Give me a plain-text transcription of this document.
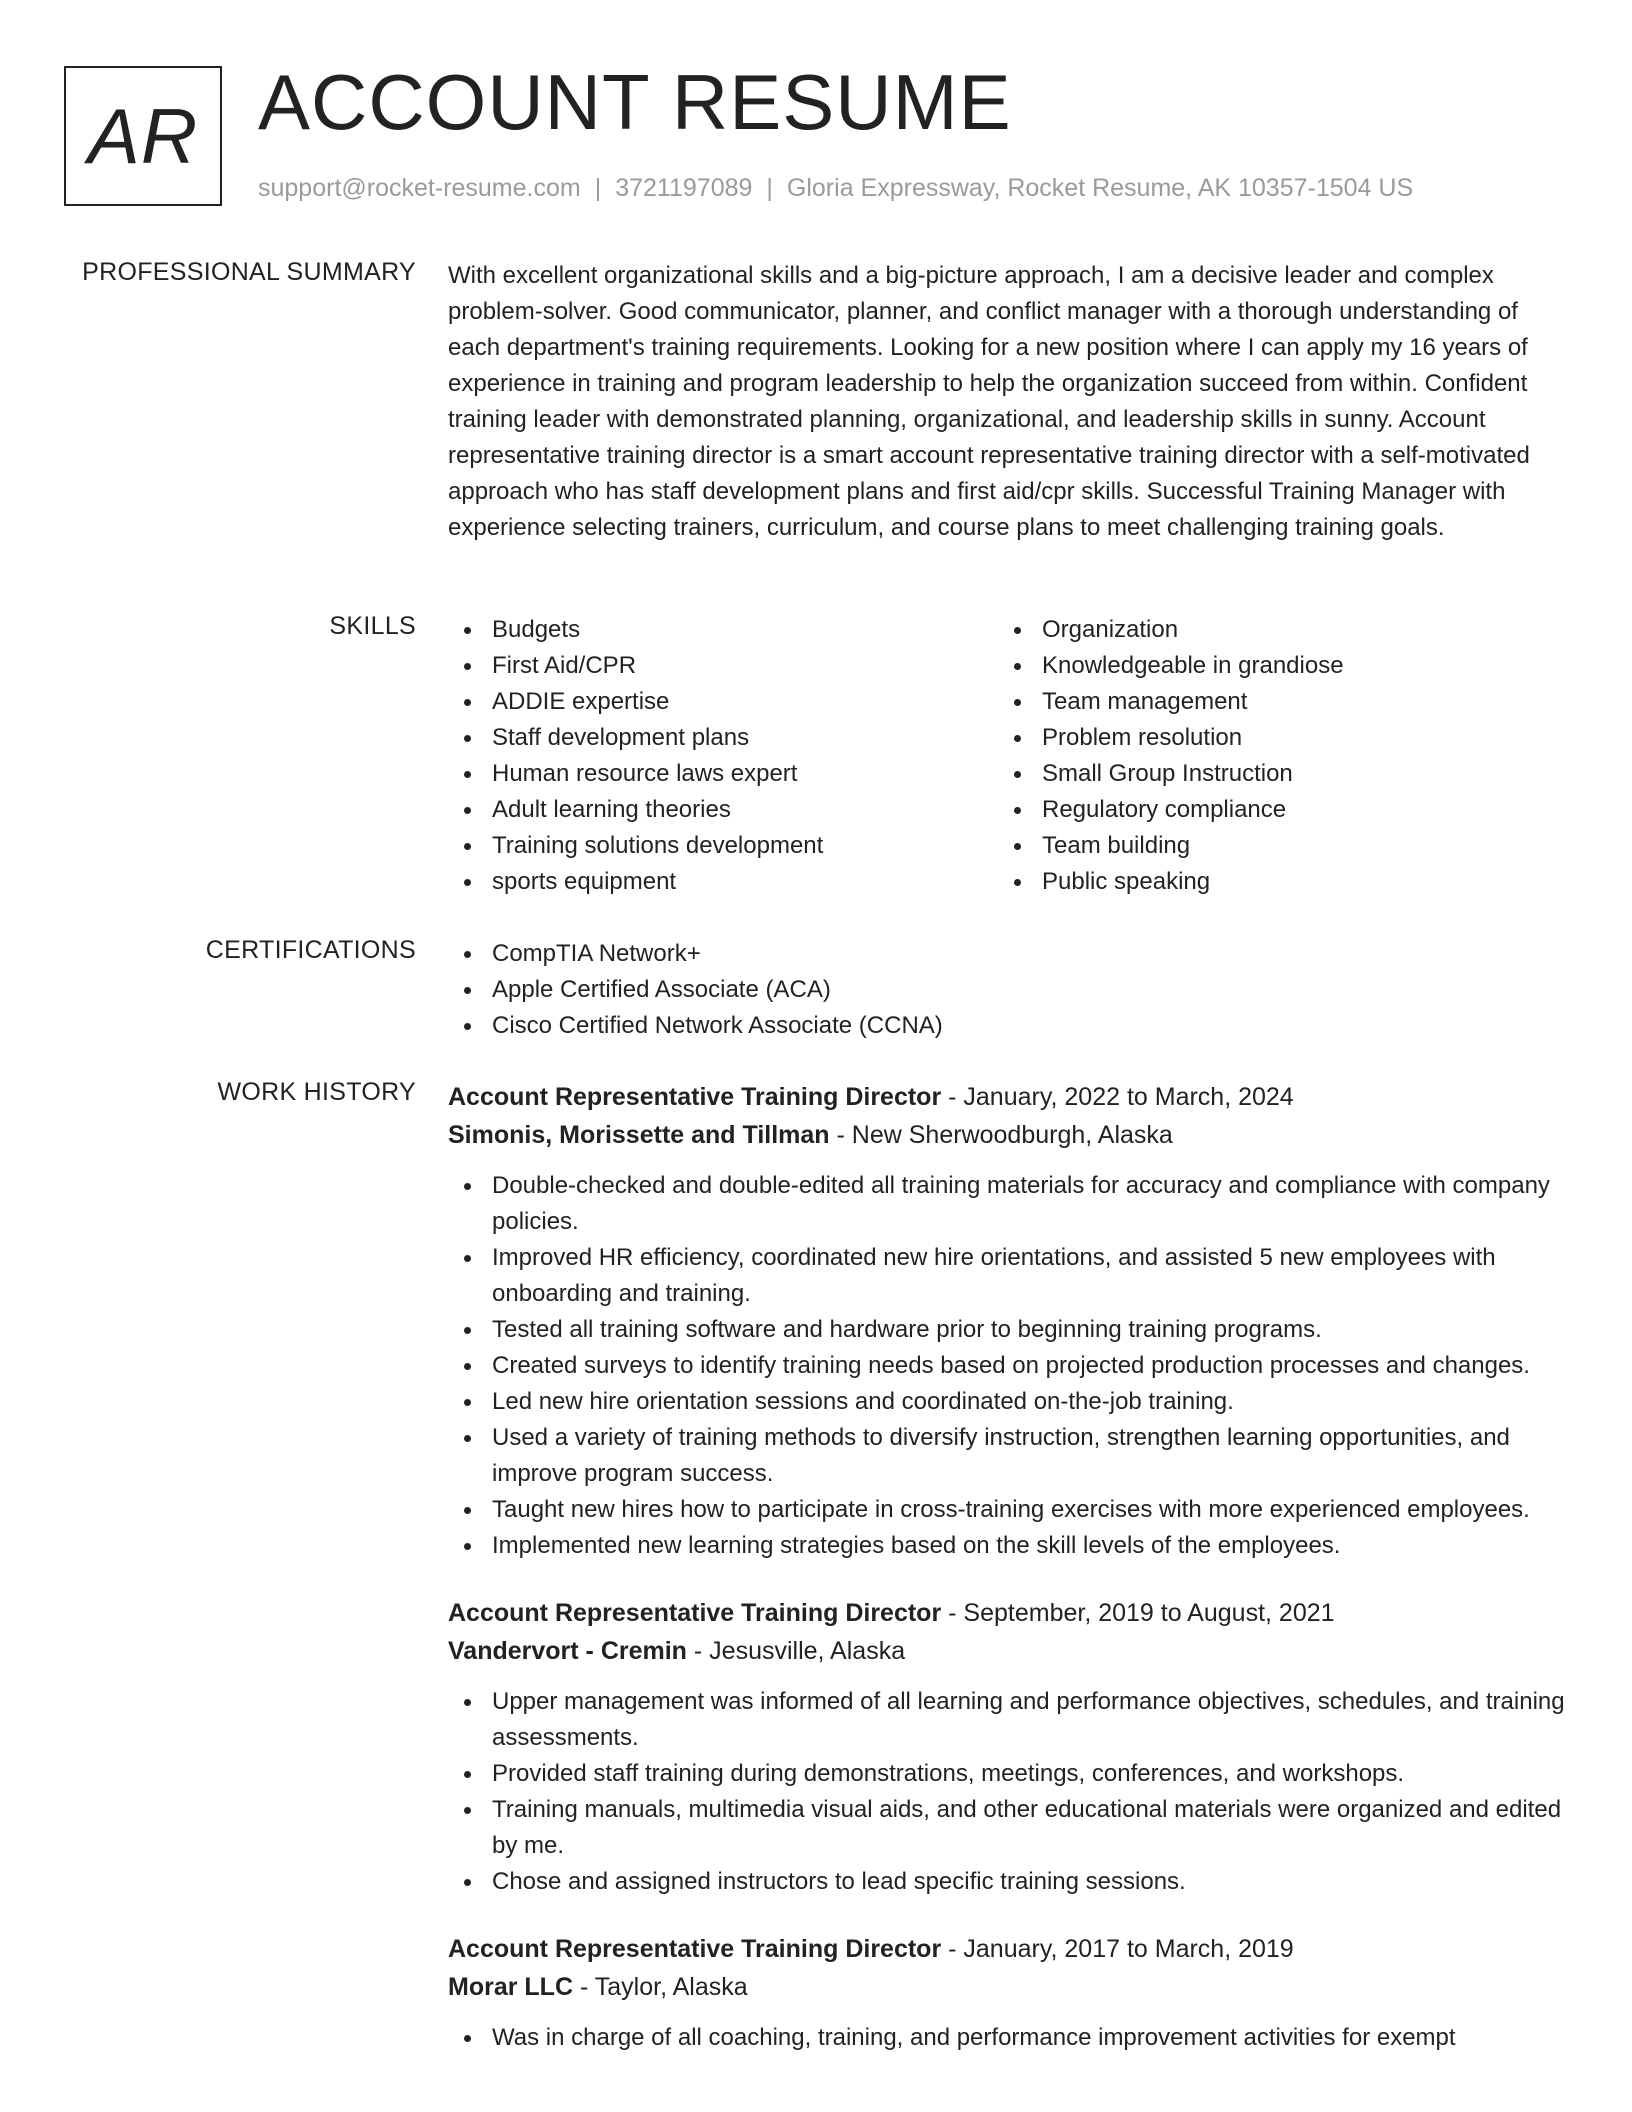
AR ACCOUNT RESUME
support@rocket-resume.com | 3721197089 | Gloria Expressway, Rocket Resume, AK 10357-1504 US
PROFESSIONAL SUMMARY With excellent organizational skills and a big-picture approach, I am a decisive leader and complex problem-solver. Good communicator, planner, and conflict manager with a thorough understanding of each department's training requirements. Looking for a new position where I can apply my 16 years of experience in training and program leadership to help the organization succeed from within. Confident training leader with demonstrated planning, organizational, and leadership skills in sunny. Account representative training director is a smart account representative training director with a self-motivated approach who has staff development plans and first aid/cpr skills. Successful Training Manager with experience selecting trainers, curriculum, and course plans to meet challenging training goals.

SKILLS	Budgets
First Aid/CPR
ADDIE expertise
Staff development plans
Human resource laws expert
Adult learning theories
Training solutions development
sports equipment
Organization
Knowledgeable in grandiose
Team management
Problem resolution
Small Group Instruction
Regulatory compliance
Team building
Public speaking
CERTIFICATIONS	CompTIA Network+
Apple Certified Associate (ACA)
Cisco Certified Network Associate (CCNA)
WORK HISTORY Account Representative Training Director - January, 2022 to March, 2024
Simonis, Morissette and Tillman - New Sherwoodburgh, Alaska
Double-checked and double-edited all training materials for accuracy and compliance with company policies.
Improved HR efficiency, coordinated new hire orientations, and assisted 5 new employees with onboarding and training.
Tested all training software and hardware prior to beginning training programs.
Created surveys to identify training needs based on projected production processes and changes.
Led new hire orientation sessions and coordinated on-the-job training.
Used a variety of training methods to diversify instruction, strengthen learning opportunities, and improve program success.
Taught new hires how to participate in cross-training exercises with more experienced employees.
Implemented new learning strategies based on the skill levels of the employees.
Account Representative Training Director - September, 2019 to August, 2021
Vandervort - Cremin - Jesusville, Alaska
Upper management was informed of all learning and performance objectives, schedules, and training assessments.
Provided staff training during demonstrations, meetings, conferences, and workshops.
Training manuals, multimedia visual aids, and other educational materials were organized and edited by me.
Chose and assigned instructors to lead specific training sessions.
Account Representative Training Director - January, 2017 to March, 2019
Morar LLC - Taylor, Alaska
Was in charge of all coaching, training, and performance improvement activities for exempt
